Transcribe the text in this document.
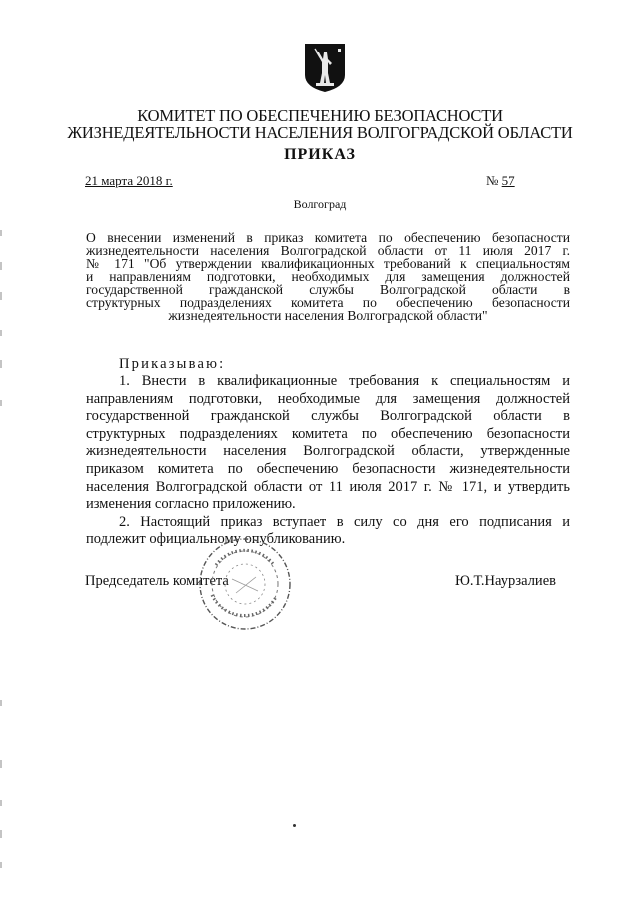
КОМИТЕТ ПО ОБЕСПЕЧЕНИЮ БЕЗОПАСНОСТИ
ЖИЗНЕДЕЯТЕЛЬНОСТИ НАСЕЛЕНИЯ ВОЛГОГРАДСКОЙ ОБЛАСТИ
ПРИКАЗ
21 марта 2018 г.	№ 57
Волгоград
О внесении изменений в приказ комитета по обеспечению безопасности
жизнедеятельности населения Волгоградской области от 11 июля 2017 г.
№ 171 "Об утверждении квалификационных требований к специальностям
и направлениям подготовки, необходимых для замещения должностей
государственной гражданской службы Волгоградской области в
структурных подразделениях комитета по обеспечению безопасности
жизнедеятельности населения Волгоградской области"
Приказываю:
1. Внести в квалификационные требования к специальностям и
направлениям подготовки, необходимые для замещения должностей
государственной гражданской службы Волгоградской области в
структурных подразделениях комитета по обеспечению безопасности
жизнедеятельности населения Волгоградской области, утвержденные
приказом комитета по обеспечению безопасности жизнедеятельности
населения Волгоградской области от 11 июля 2017 г. № 171, и утвердить
изменения согласно приложению.
2. Настоящий приказ вступает в силу со дня его подписания и
подлежит официальному опубликованию.
Председатель комитета	Ю.Т.Наурзалиев
